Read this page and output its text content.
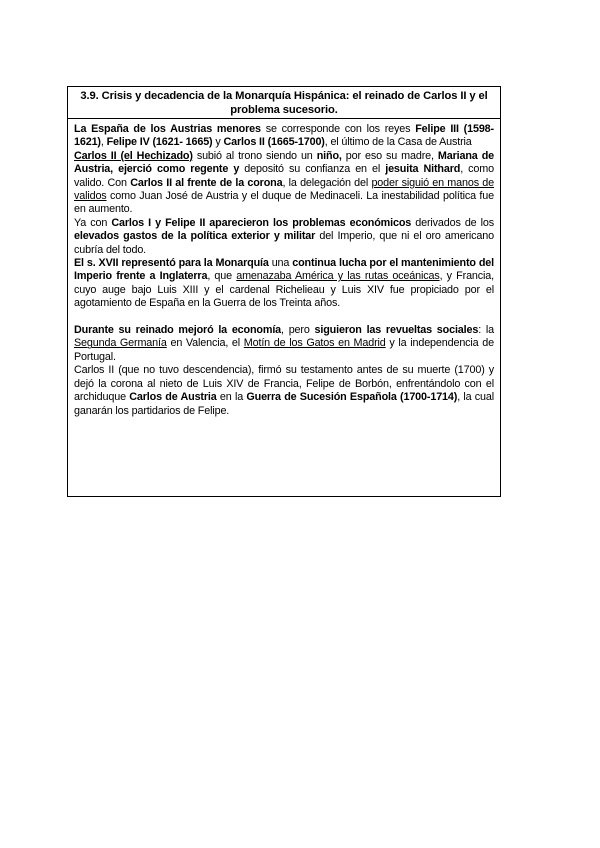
3.9. Crisis y decadencia de la Monarquía Hispánica: el reinado de Carlos II y el problema sucesorio.

La España de los Austrias menores se corresponde con los reyes Felipe III (1598-1621), Felipe IV (1621- 1665) y Carlos II (1665-1700), el último de la Casa de Austria

Carlos II (el Hechizado) subió al trono siendo un niño, por eso su madre, Mariana de Austria, ejerció como regente y depositó su confianza en el jesuita Nithard, como valido. Con Carlos II al frente de la corona, la delegación del poder siguió en manos de validos como Juan José de Austria y el duque de Medinaceli. La inestabilidad política fue en aumento.

Ya con Carlos I y Felipe II aparecieron los problemas económicos derivados de los elevados gastos de la política exterior y militar del Imperio, que ni el oro americano cubría del todo.

El s. XVII representó para la Monarquía una continua lucha por el mantenimiento del Imperio frente a Inglaterra, que amenazaba América y las rutas oceánicas, y Francia, cuyo auge bajo Luis XIII y el cardenal Richelieau y Luis XIV fue propiciado por el agotamiento de España en la Guerra de los Treinta años.

Durante su reinado mejoró la economía, pero siguieron las revueltas sociales: la Segunda Germanía en Valencia, el Motín de los Gatos en Madrid y la independencia de Portugal.

Carlos II (que no tuvo descendencia), firmó su testamento antes de su muerte (1700) y dejó la corona al nieto de Luis XIV de Francia, Felipe de Borbón, enfrentándolo con el archiduque Carlos de Austria en la Guerra de Sucesión Española (1700-1714), la cual ganarán los partidarios de Felipe.
